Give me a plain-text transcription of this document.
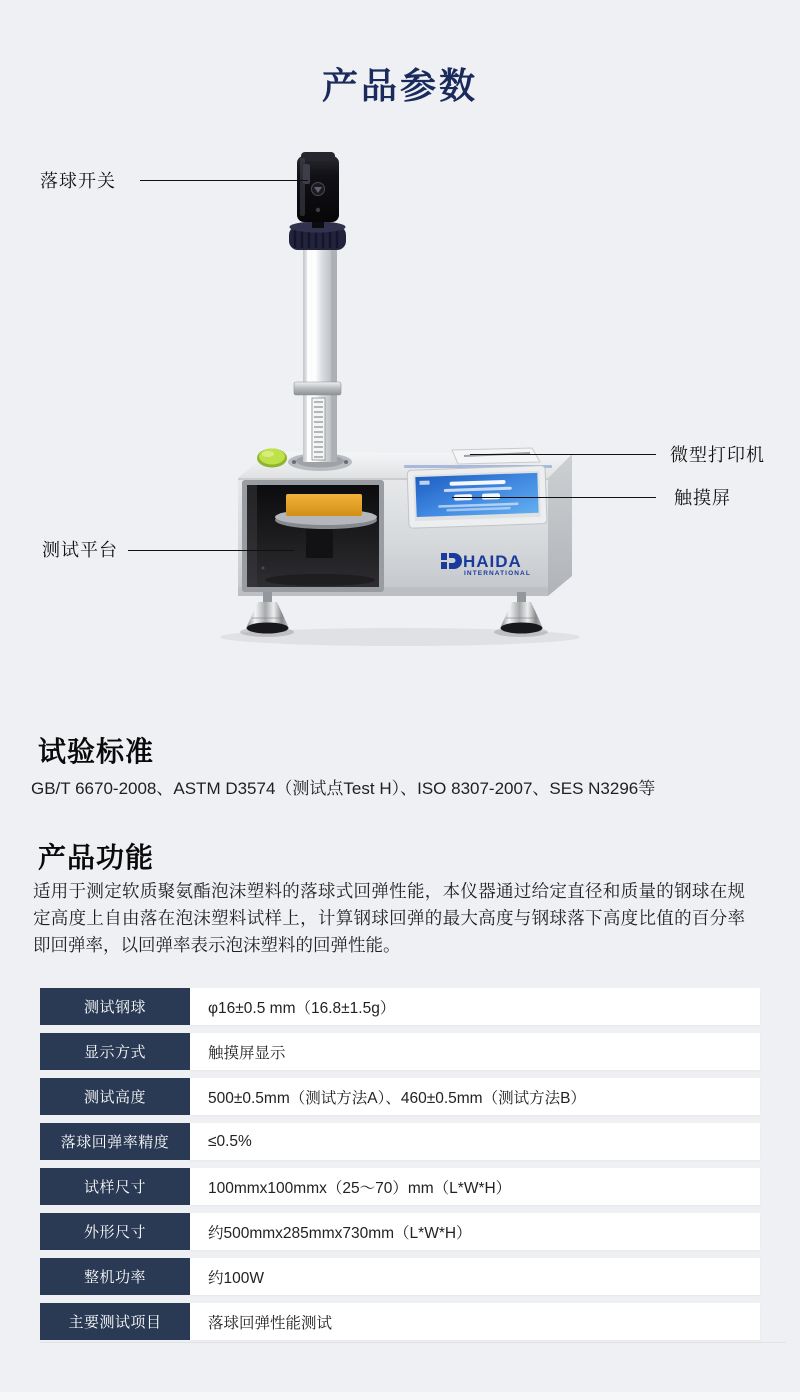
产品参数
HAIDA
INTERNATIONAL
落球开关
微型打印机
触摸屏
测试平台
试验标准

GB/T 6670-2008、ASTM D3574（测试点Test H）、ISO 8307-2007、SES N3296等

产品功能

适用于测定软质聚氨酯泡沫塑料的落球式回弹性能，本仪器通过给定直径和质量的钢球在规定高度上自由落在泡沫塑料试样上，计算钢球回弹的最大高度与钢球落下高度比值的百分率即回弹率，以回弹率表示泡沫塑料的回弹性能。

测试钢球	φ16±0.5 mm（16.8±1.5g）
显示方式	触摸屏显示
测试高度	500±0.5mm（测试方法A）、460±0.5mm（测试方法B）
落球回弹率精度	≤0.5%
试样尺寸	100mmx100mmx（25～70）mm（L*W*H）
外形尺寸	约500mmx285mmx730mm（L*W*H）
整机功率	约100W
主要测试项目	落球回弹性能测试
